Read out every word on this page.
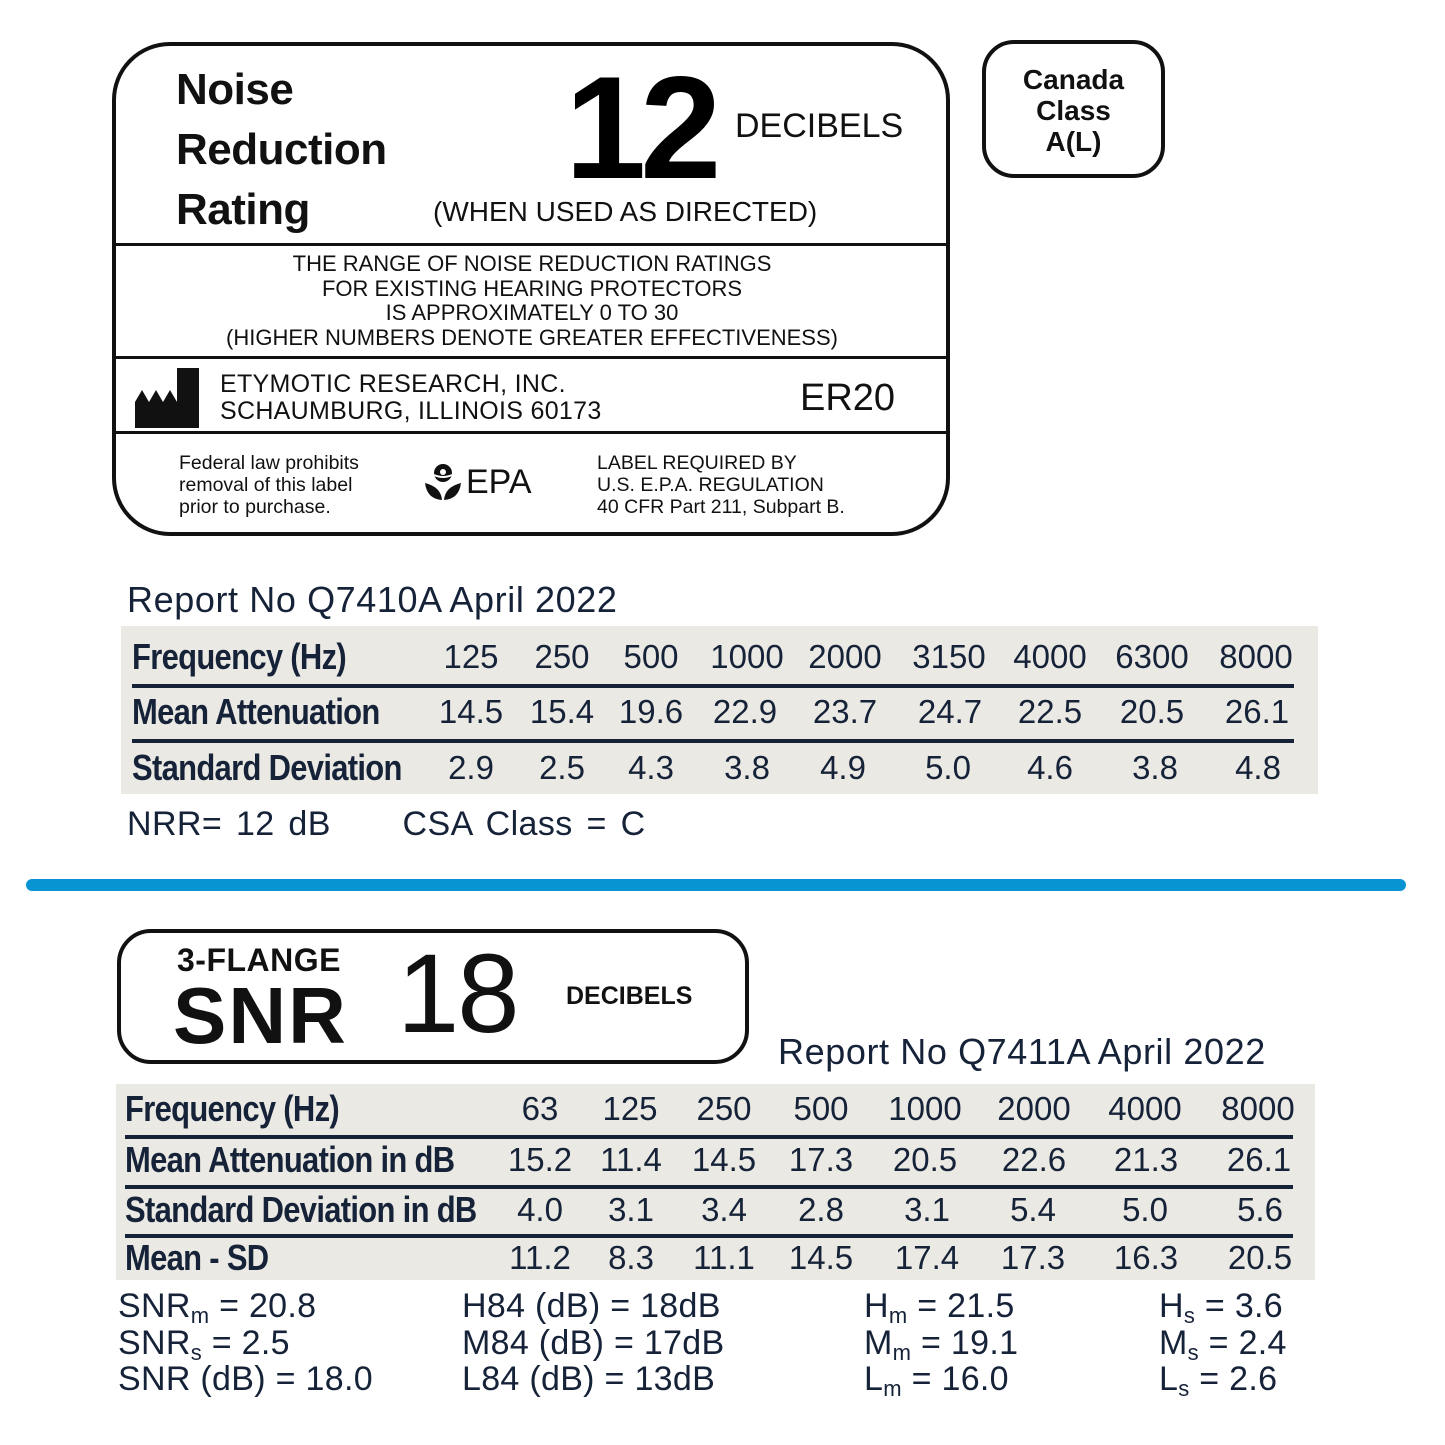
Noise
Reduction
Rating
12 DECIBELS
(WHEN USED AS DIRECTED)
THE RANGE OF NOISE REDUCTION RATINGS
FOR EXISTING HEARING PROTECTORS
IS APPROXIMATELY 0 TO 30
(HIGHER NUMBERS DENOTE GREATER EFFECTIVENESS)
ETYMOTIC RESEARCH, INC.
SCHAUMBURG, ILLINOIS 60173	ER20
Federal law prohibits
removal of this label
prior to purchase.
EPA	LABEL REQUIRED BY
U.S. E.P.A. REGULATION
40 CFR Part 211, Subpart B.
Canada
Class
A(L)
Report No Q7410A April 2022
Frequency (Hz)	125	250	500 1000 2000 3150 4000 6300 8000
Mean Attenuation	14.5 15.4 19.6 22.9	23.7	24.7	22.5	20.5	26.1
Standard Deviation	2.9	2.5	4.3	3.8	4.9	5.0	4.6	3.8	4.8
NRR= 12 dB CSA Class = C
3-FLANGE
SNR 18 DECIBELS
Report No Q7411A April 2022
Frequency (Hz)	63	125	250	500	1000	2000	4000	8000
Mean Attenuation in dB	15.2 11.4 14.5 17.3	20.5	22.6	21.3	26.1
Standard Deviation in dB	4.0	3.1	3.4	2.8	3.1	5.4	5.0	5.6
Mean - SD	11.2	8.3	11.1	14.5	17.4	17.3	16.3	20.5
$SNR_m = 20.8$
$SNR_s = 2.5$
SNR (dB) = 18.0
H84 (dB) = 18dB
M84 (dB) = 17dB
L84 (dB) = 13dB
$H_m = 21.5$
$M_m = 19.1$
$L_m = 16.0$
$H_s = 3.6$
$M_s = 2.4$
$L_s = 2.6$
